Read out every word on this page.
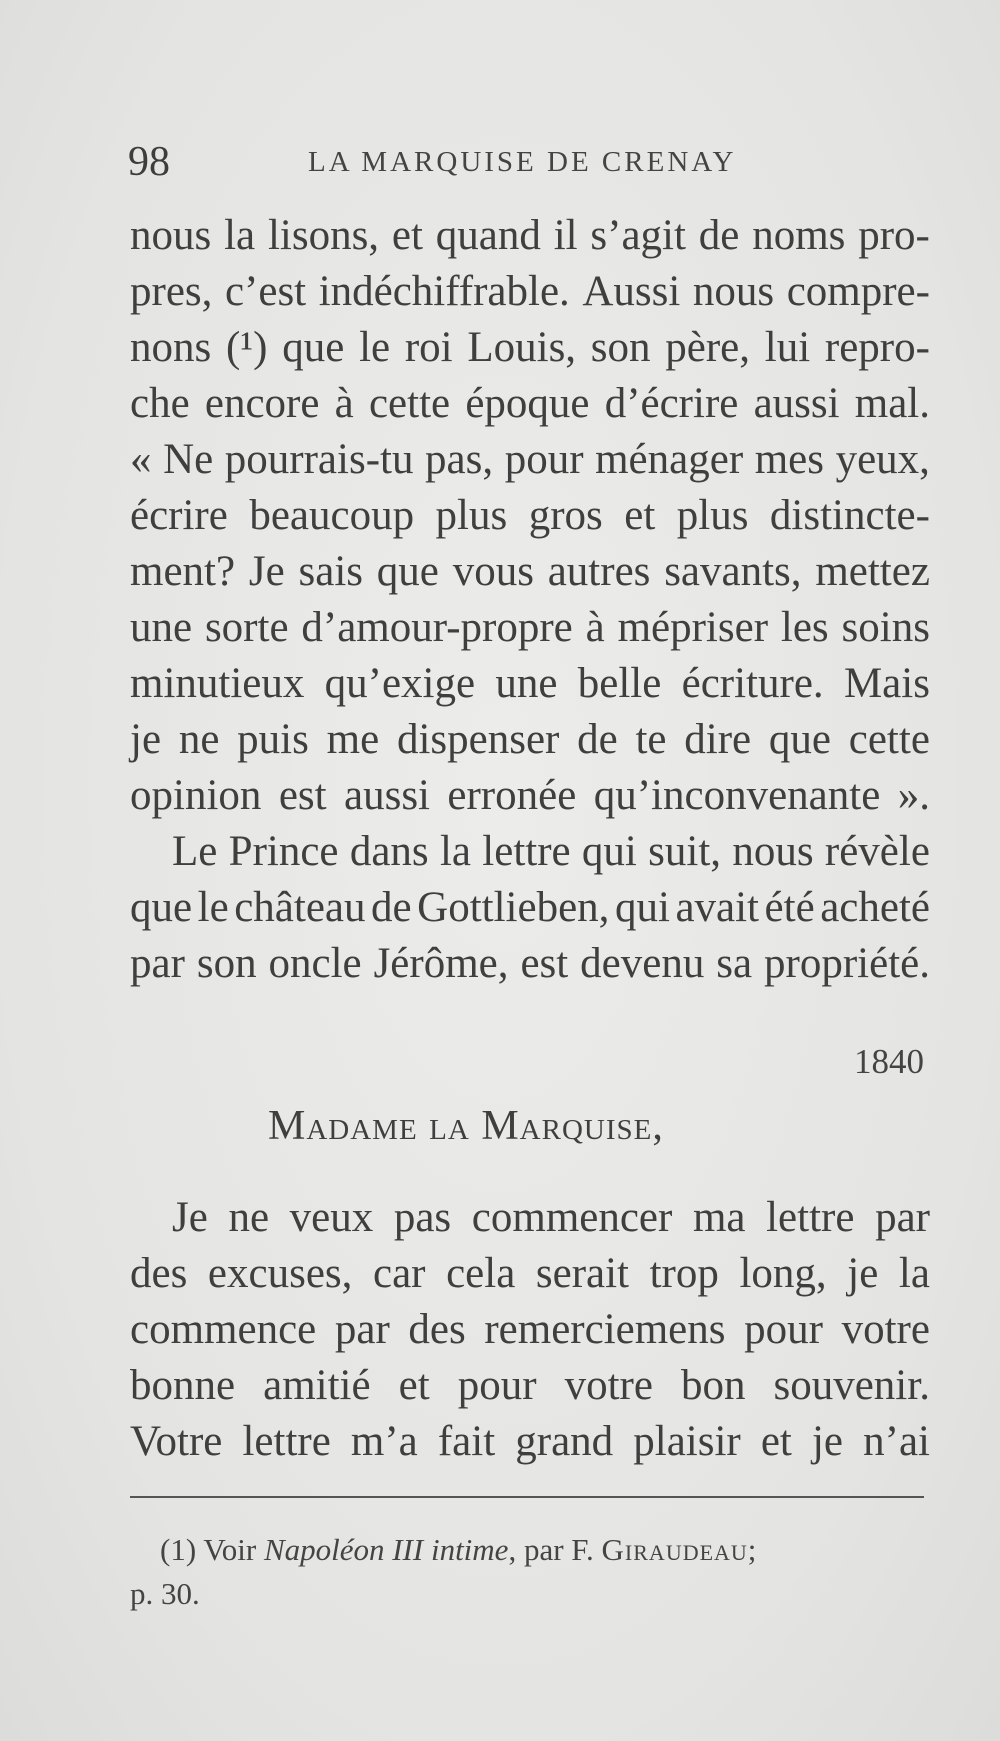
98	LA MARQUISE DE CRENAY
nous la lisons, et quand il s’agit de noms pro-
pres, c’est indéchiffrable. Aussi nous compre-
nons (¹) que le roi Louis, son père, lui repro-
che encore à cette époque d’écrire aussi mal.
« Ne pourrais-tu pas, pour ménager mes yeux,
écrire beaucoup plus gros et plus distincte-
ment? Je sais que vous autres savants, mettez
une sorte d’amour-propre à mépriser les soins
minutieux qu’exige une belle écriture. Mais
je ne puis me dispenser de te dire que cette
opinion est aussi erronée qu’inconvenante ».
Le Prince dans la lettre qui suit, nous révèle
que le château de Gottlieben, qui avait été acheté
par son oncle Jérôme, est devenu sa propriété.
1840
Madame la Marquise,
Je ne veux pas commencer ma lettre par
des excuses, car cela serait trop long, je la
commence par des remerciemens pour votre
bonne amitié et pour votre bon souvenir.
Votre lettre m’a fait grand plaisir et je n’ai
(1) Voir Napoléon III intime, par F. Giraudeau;
p. 30.
